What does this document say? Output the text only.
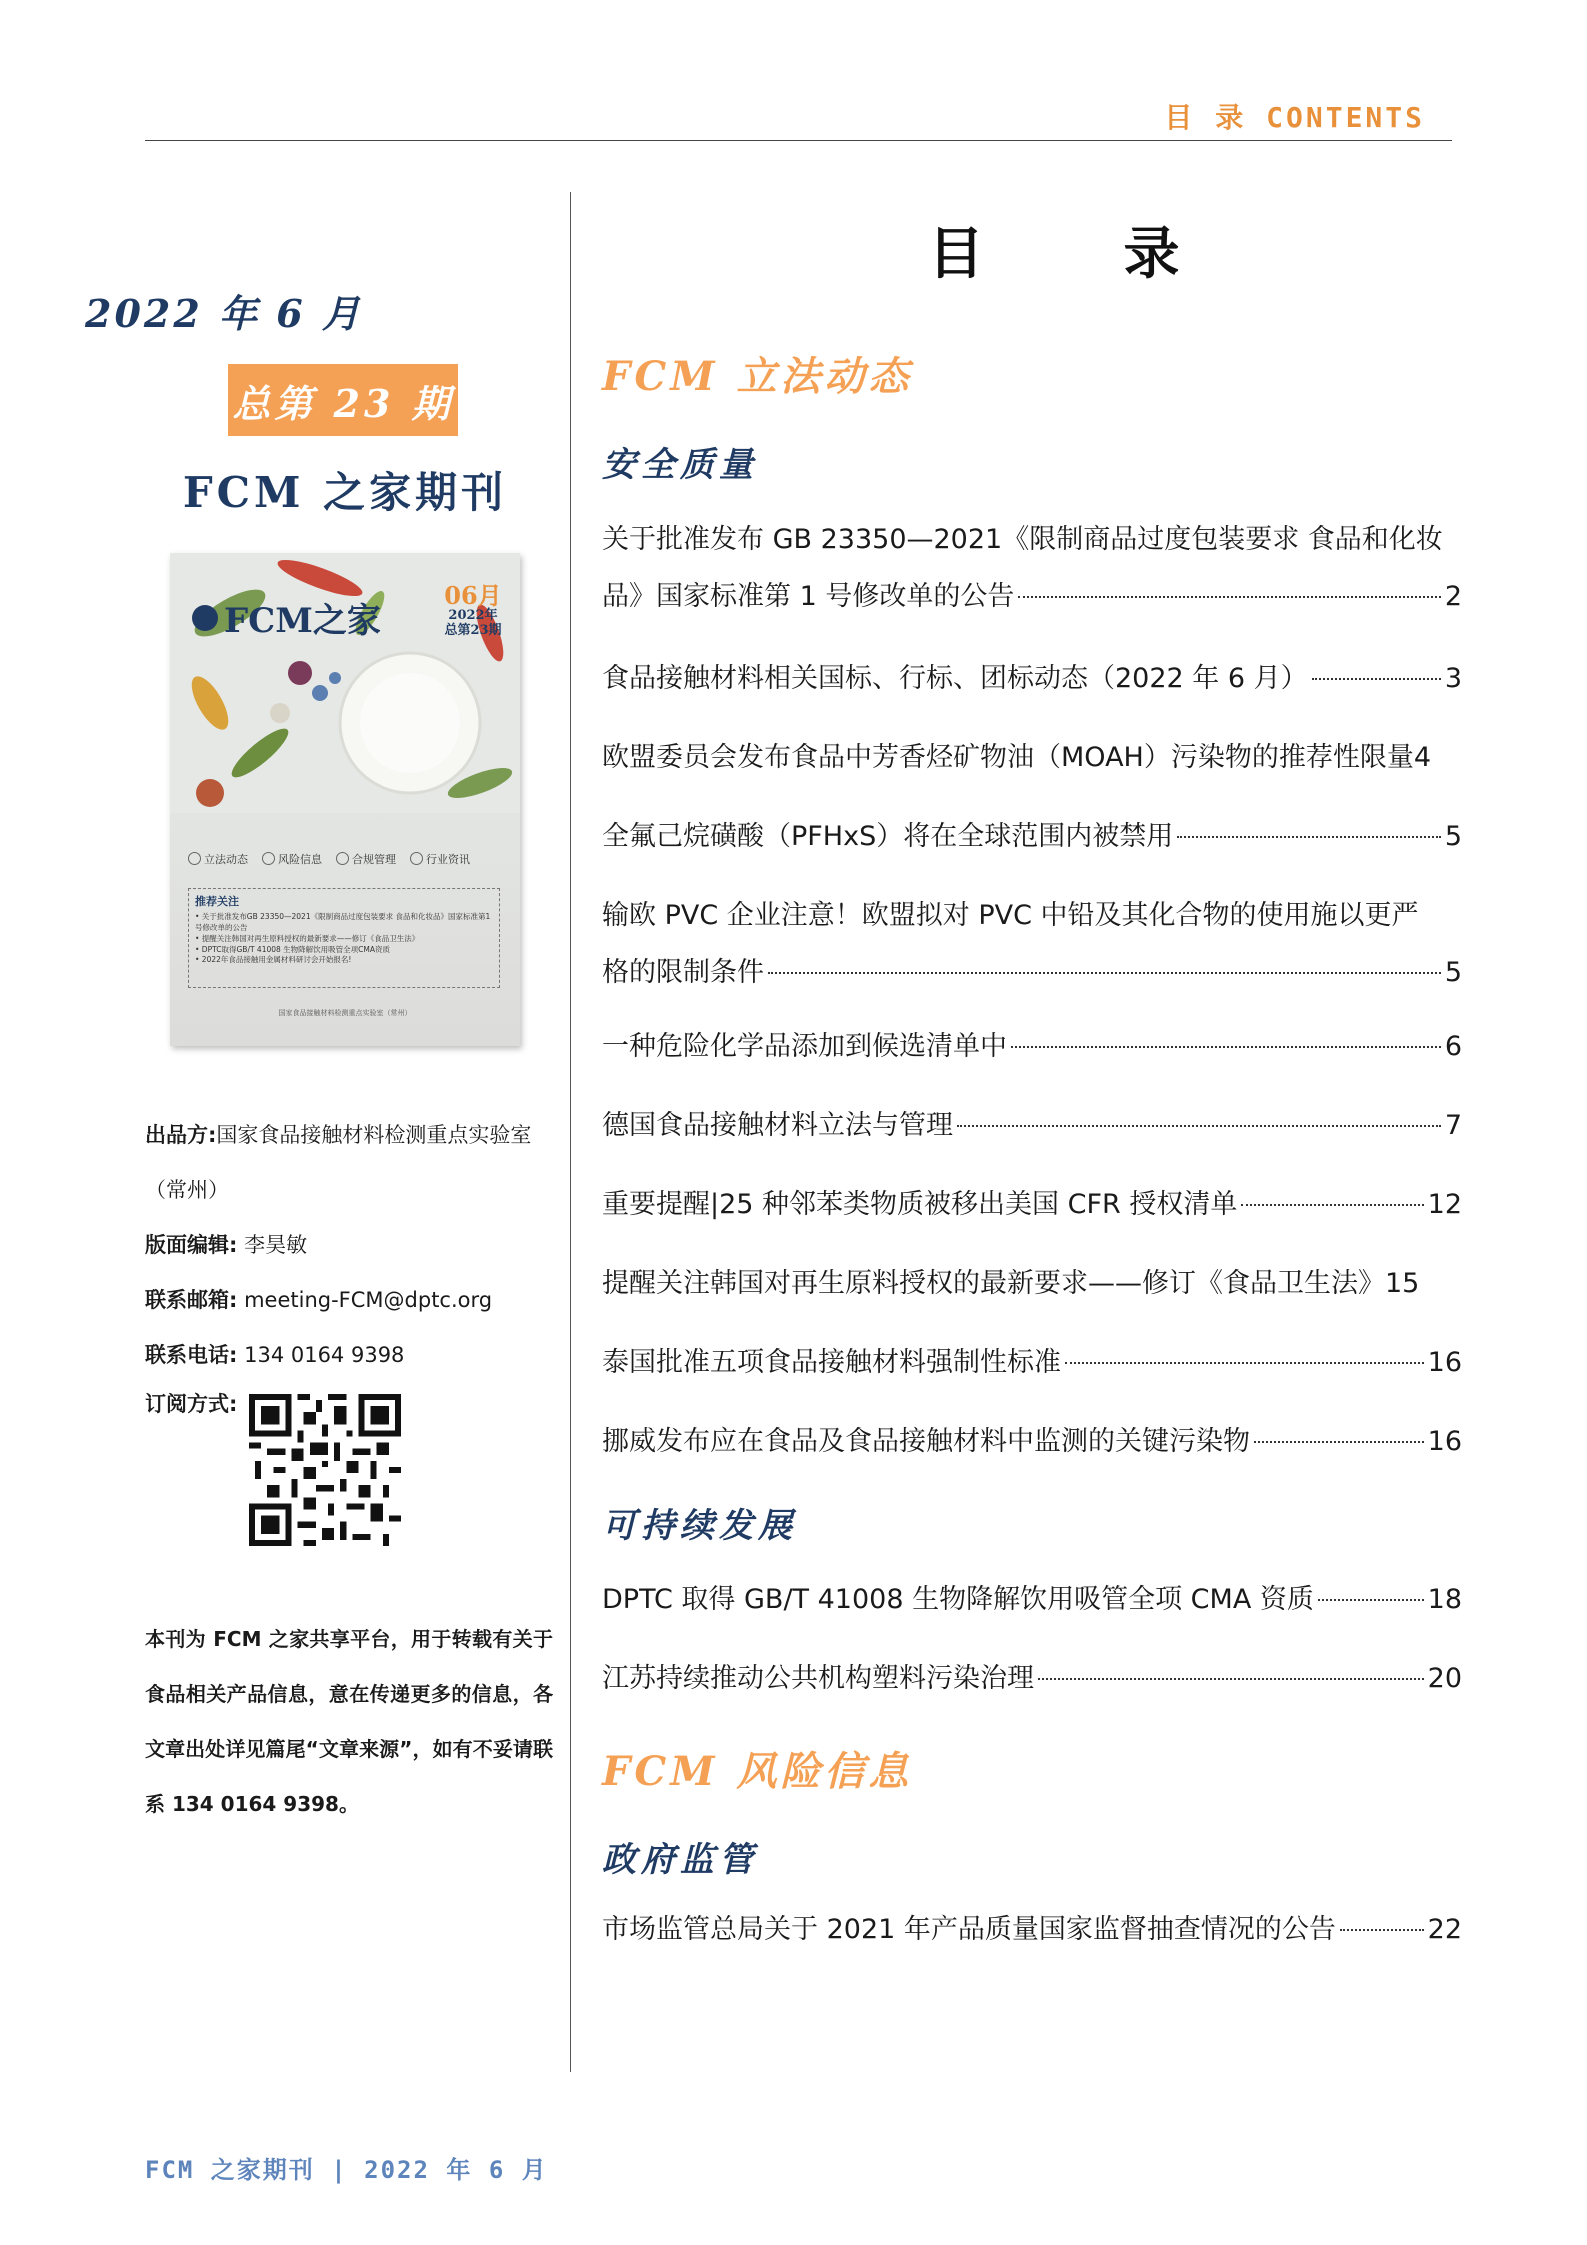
目 录 CONTENTS
2022 年 6 月
总第 23 期
FCM 之家期刊
FCM之家
06月
2022年
总第23期
立法动态	风险信息	合规管理	行业资讯
推荐关注
• 关于批准发布GB 23350—2021《限制商品过度包装要求 食品和化妆品》国家标准第1号修改单的公告
• 提醒关注韩国对再生原料授权的最新要求——修订《食品卫生法》
• DPTC取得GB/T 41008 生物降解饮用吸管全项CMA资质
• 2022年食品接触用金属材料研讨会开始报名!
国家食品接触材料检测重点实验室（常州）
出品方:国家食品接触材料检测重点实验室（常州）
版面编辑: 李昊敏
联系邮箱: meeting-FCM@dptc.org
联系电话: 134 0164 9398
订阅方式:
本刊为 FCM 之家共享平台，用于转载有关于食品相关产品信息，意在传递更多的信息，各文章出处详见篇尾“文章来源”，如有不妥请联系 134 0164 9398。
目 录
FCM 立法动态
安全质量
关于批准发布 GB 23350—2021《限制商品过度包装要求 食品和化妆
品》国家标准第 1 号修改单的公告	2
食品接触材料相关国标、行标、团标动态（2022 年 6 月）	3
欧盟委员会发布食品中芳香烃矿物油（MOAH）污染物的推荐性限量 4
全氟己烷磺酸（PFHxS）将在全球范围内被禁用	5
输欧 PVC 企业注意！欧盟拟对 PVC 中铅及其化合物的使用施以更严
格的限制条件	5
一种危险化学品添加到候选清单中	6
德国食品接触材料立法与管理	7
重要提醒|25 种邻苯类物质被移出美国 CFR 授权清单	12
提醒关注韩国对再生原料授权的最新要求——修订《食品卫生法》 15
泰国批准五项食品接触材料强制性标准	16
挪威发布应在食品及食品接触材料中监测的关键污染物	16
可持续发展
DPTC 取得 GB/T 41008 生物降解饮用吸管全项 CMA 资质	18
江苏持续推动公共机构塑料污染治理	20
FCM 风险信息
政府监管
市场监管总局关于 2021 年产品质量国家监督抽查情况的公告	22
FCM 之家期刊 | 2022 年 6 月
